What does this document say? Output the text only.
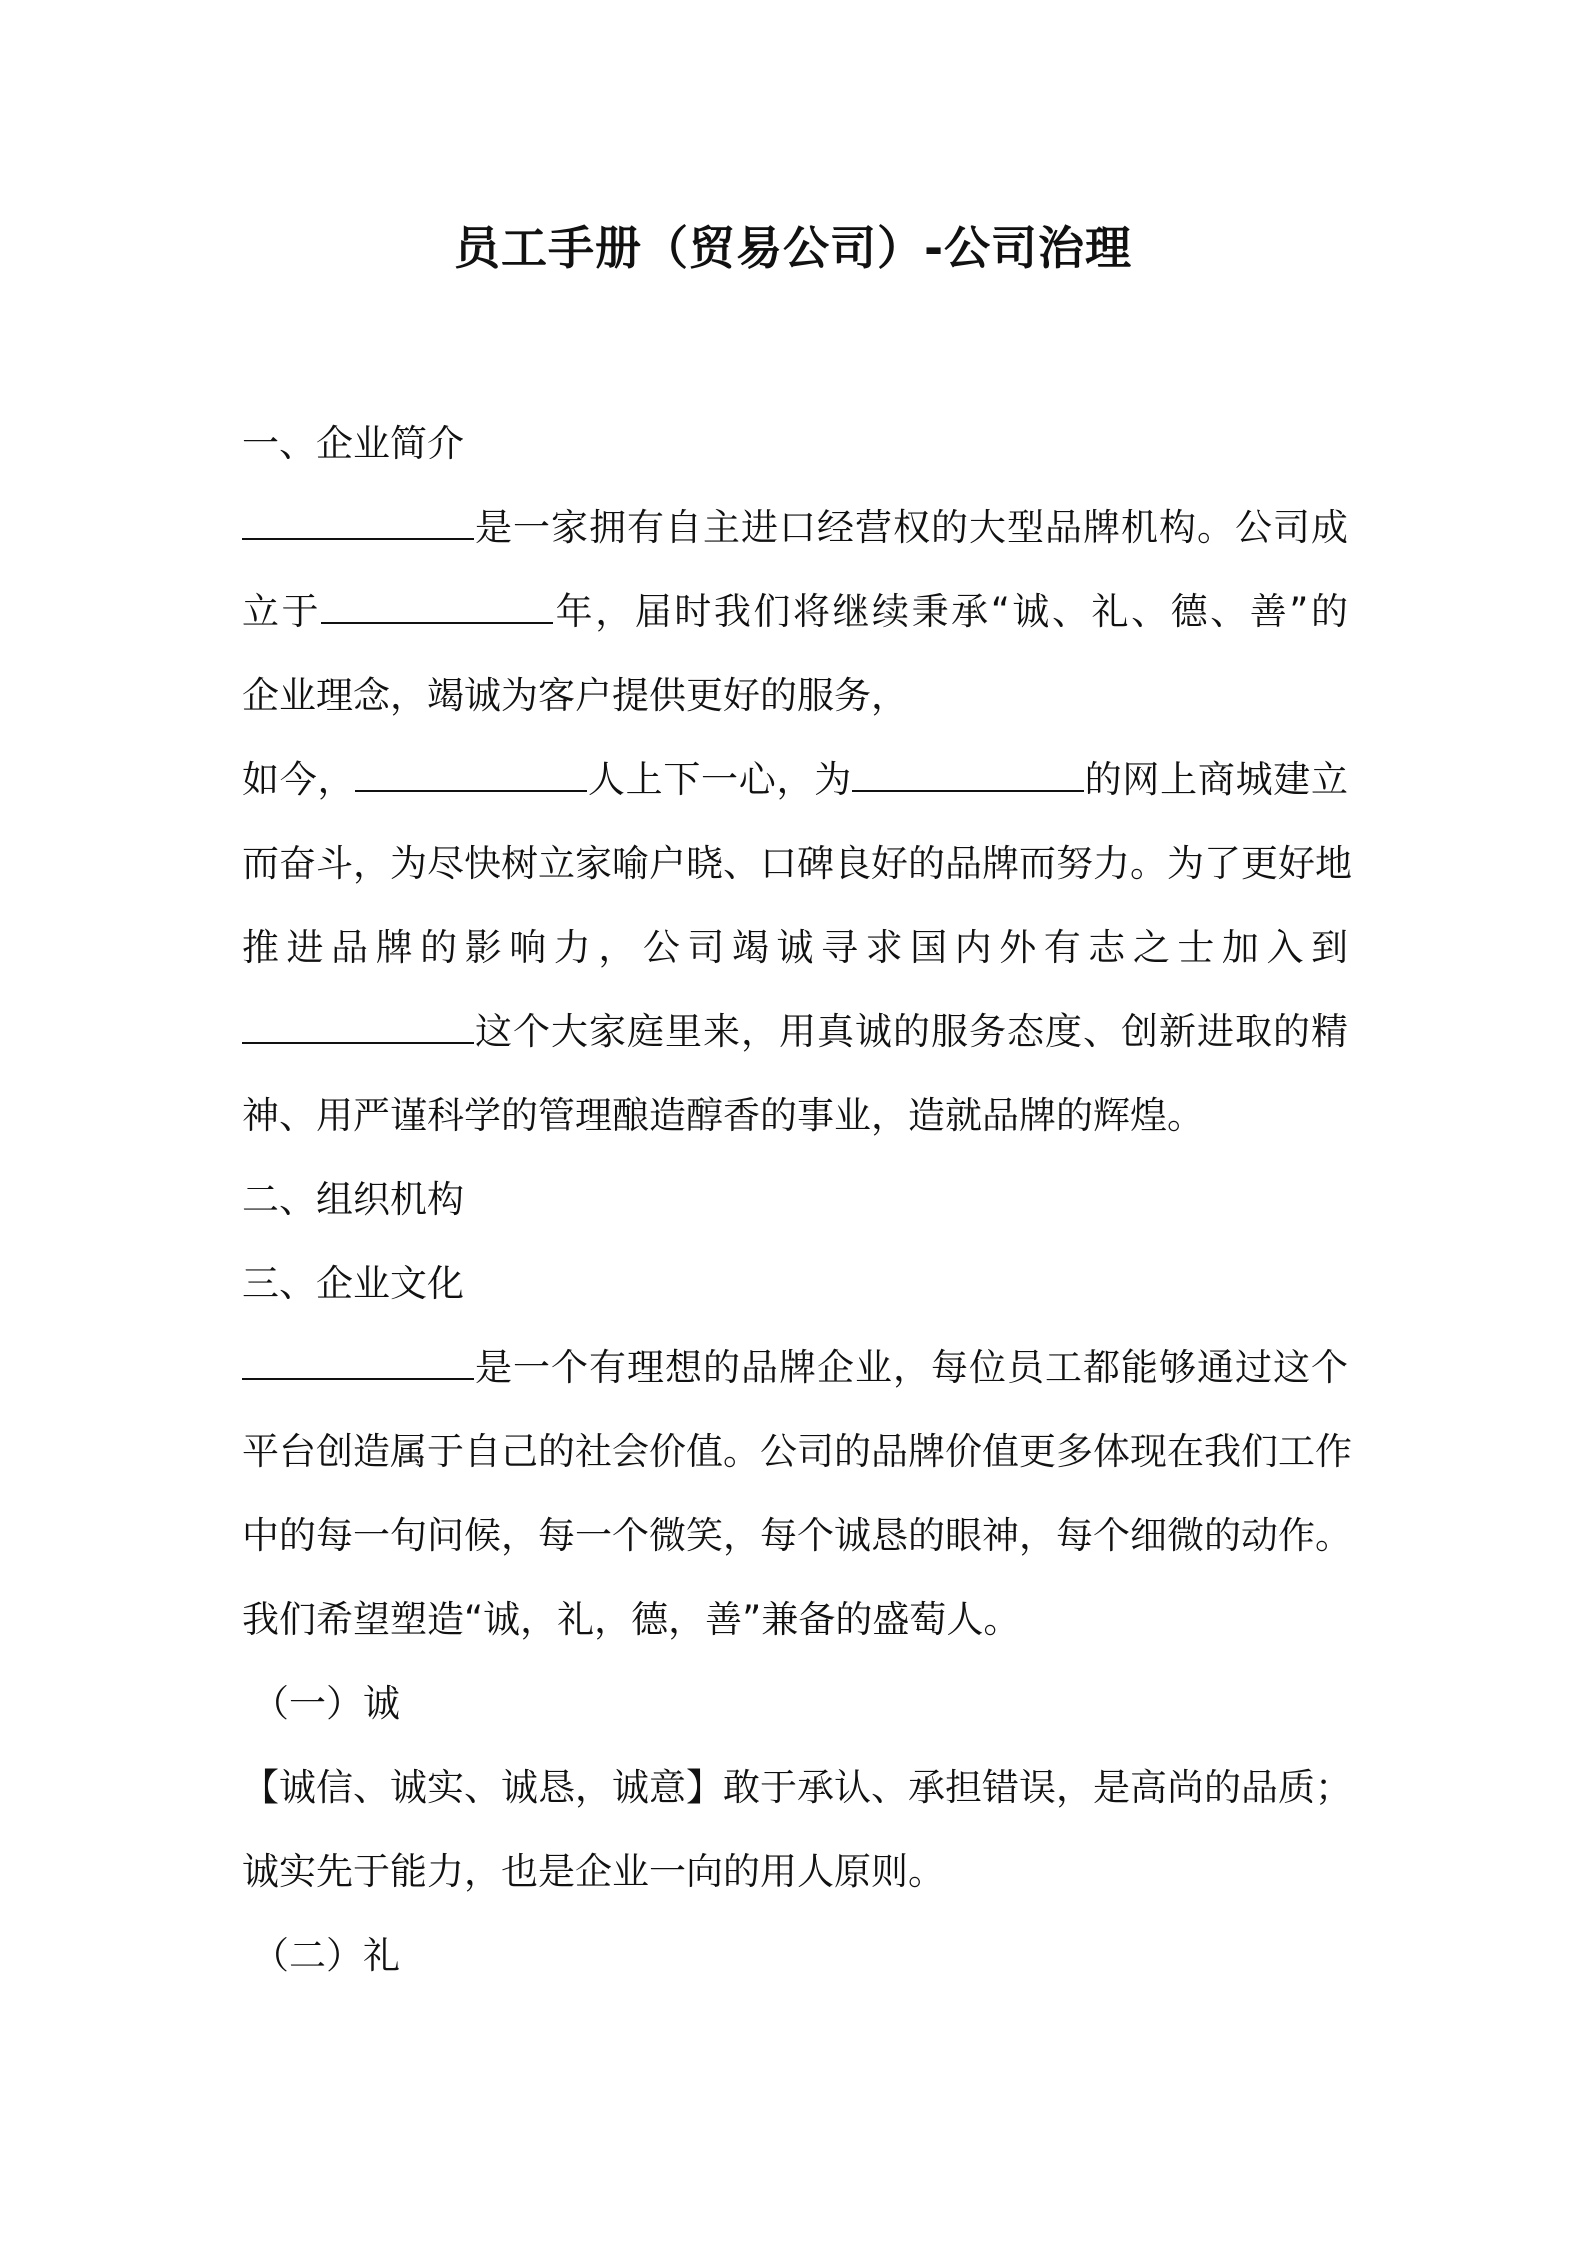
员工手册（贸易公司）-公司治理
一、企业简介
是一家拥有自主进口经营权的大型品牌机构。公司成
立于	年，届时我们将继续秉承“诚、礼、德、善”的
企业理念，竭诚为客户提供更好的服务，
如今，	人上下一心，为	的网上商城建立
而奋斗，为尽快树立家喻户晓、口碑良好的品牌而努力。为了更好地
推进品牌的影响力，公司竭诚寻求国内外有志之士加入到
这个大家庭里来，用真诚的服务态度、创新进取的精
神、用严谨科学的管理酿造醇香的事业，造就品牌的辉煌。
二、组织机构
三、企业文化
是一个有理想的品牌企业，每位员工都能够通过这个
平台创造属于自己的社会价值。公司的品牌价值更多体现在我们工作
中的每一句问候，每一个微笑，每个诚恳的眼神，每个细微的动作。
我们希望塑造“诚，礼，德，善”兼备的盛萄人。
（一）诚
【诚信、诚实、诚恳，诚意】敢于承认、承担错误，是高尚的品质；
诚实先于能力，也是企业一向的用人原则。
（二）礼
